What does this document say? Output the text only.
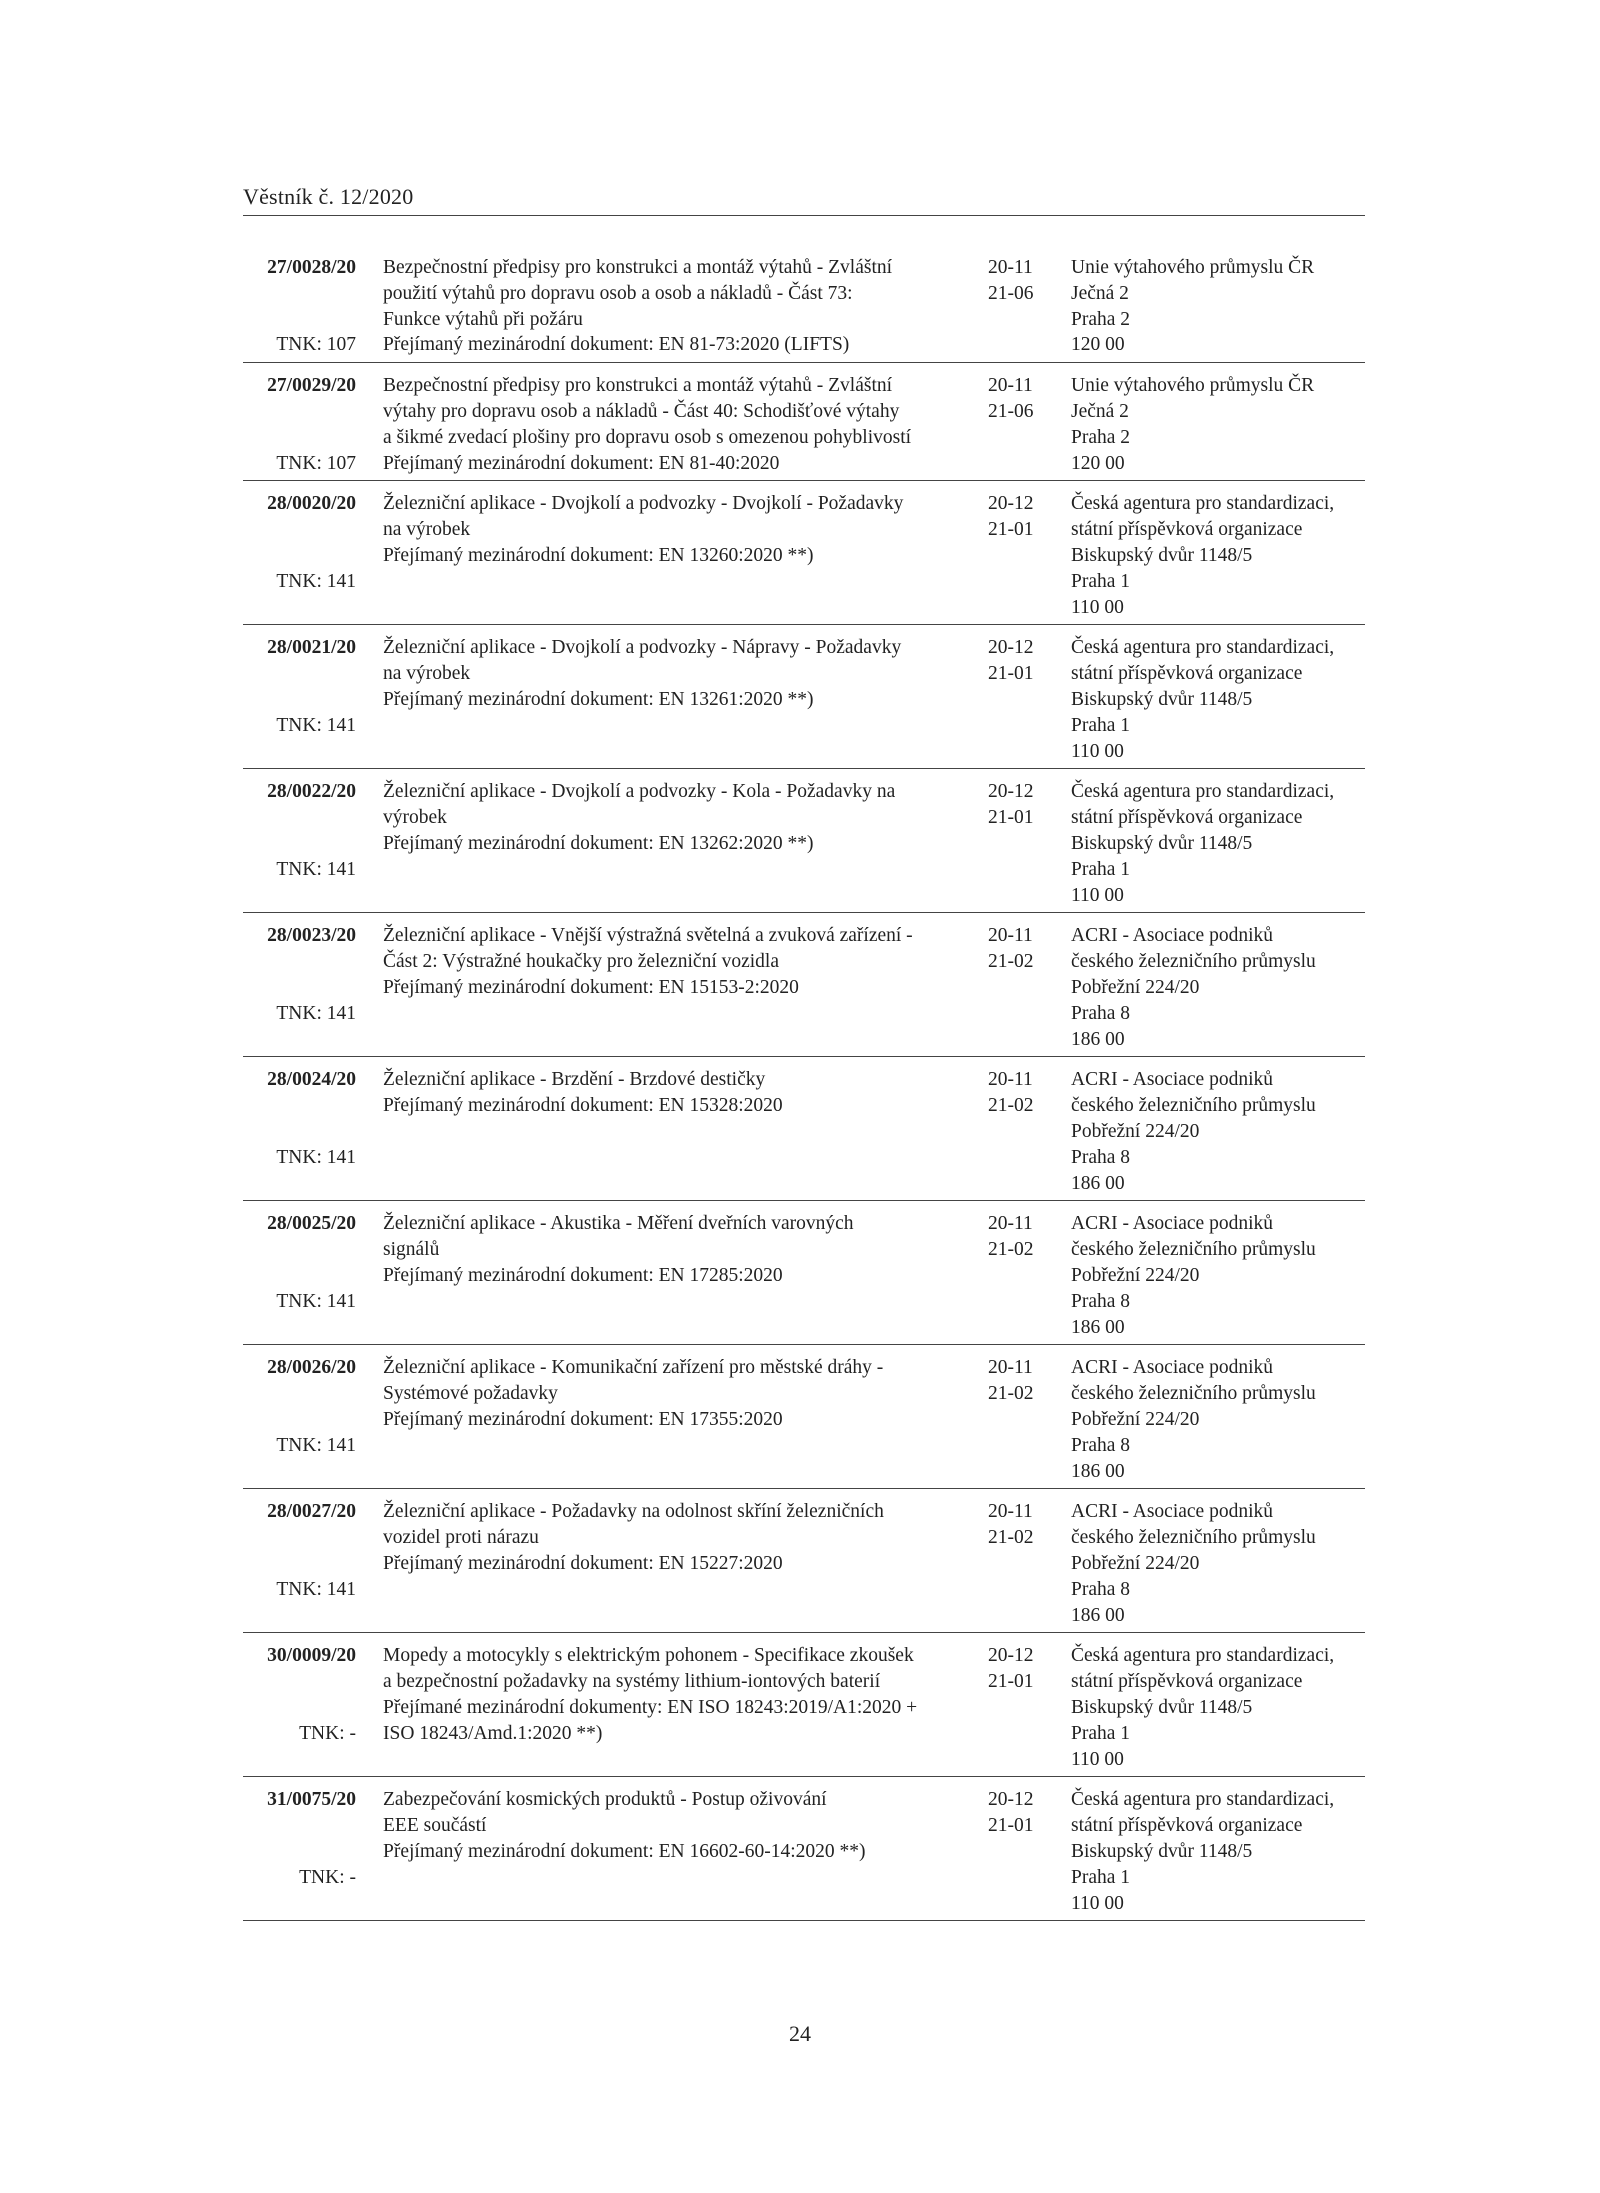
Věstník č. 12/2020
27/0028/20
TNK: 107
Bezpečnostní předpisy pro konstrukci a montáž výtahů - Zvláštní
použití výtahů pro dopravu osob a osob a nákladů - Část 73:
Funkce výtahů při požáru
Přejímaný mezinárodní dokument: EN 81-73:2020 (LIFTS)
20-11
21-06
Unie výtahového průmyslu ČR
Ječná 2
Praha 2
120 00
27/0029/20
TNK: 107
Bezpečnostní předpisy pro konstrukci a montáž výtahů - Zvláštní
výtahy pro dopravu osob a nákladů - Část 40: Schodišťové výtahy
a šikmé zvedací plošiny pro dopravu osob s omezenou pohyblivostí
Přejímaný mezinárodní dokument: EN 81-40:2020
20-11
21-06
Unie výtahového průmyslu ČR
Ječná 2
Praha 2
120 00
28/0020/20
TNK: 141
Železniční aplikace - Dvojkolí a podvozky - Dvojkolí - Požadavky
na výrobek
Přejímaný mezinárodní dokument: EN 13260:2020 **)
20-12
21-01
Česká agentura pro standardizaci,
státní příspěvková organizace
Biskupský dvůr 1148/5
Praha 1
110 00
28/0021/20
TNK: 141
Železniční aplikace - Dvojkolí a podvozky - Nápravy - Požadavky
na výrobek
Přejímaný mezinárodní dokument: EN 13261:2020 **)
20-12
21-01
Česká agentura pro standardizaci,
státní příspěvková organizace
Biskupský dvůr 1148/5
Praha 1
110 00
28/0022/20
TNK: 141
Železniční aplikace - Dvojkolí a podvozky - Kola - Požadavky na
výrobek
Přejímaný mezinárodní dokument: EN 13262:2020 **)
20-12
21-01
Česká agentura pro standardizaci,
státní příspěvková organizace
Biskupský dvůr 1148/5
Praha 1
110 00
28/0023/20
TNK: 141
Železniční aplikace - Vnější výstražná světelná a zvuková zařízení -
Část 2: Výstražné houkačky pro železniční vozidla
Přejímaný mezinárodní dokument: EN 15153-2:2020
20-11
21-02
ACRI - Asociace podniků
českého železničního průmyslu
Pobřežní 224/20
Praha 8
186 00
28/0024/20
TNK: 141
Železniční aplikace - Brzdění - Brzdové destičky
Přejímaný mezinárodní dokument: EN 15328:2020
20-11
21-02
ACRI - Asociace podniků
českého železničního průmyslu
Pobřežní 224/20
Praha 8
186 00
28/0025/20
TNK: 141
Železniční aplikace - Akustika - Měření dveřních varovných
signálů
Přejímaný mezinárodní dokument: EN 17285:2020
20-11
21-02
ACRI - Asociace podniků
českého železničního průmyslu
Pobřežní 224/20
Praha 8
186 00
28/0026/20
TNK: 141
Železniční aplikace - Komunikační zařízení pro městské dráhy -
Systémové požadavky
Přejímaný mezinárodní dokument: EN 17355:2020
20-11
21-02
ACRI - Asociace podniků
českého železničního průmyslu
Pobřežní 224/20
Praha 8
186 00
28/0027/20
TNK: 141
Železniční aplikace - Požadavky na odolnost skříní železničních
vozidel proti nárazu
Přejímaný mezinárodní dokument: EN 15227:2020
20-11
21-02
ACRI - Asociace podniků
českého železničního průmyslu
Pobřežní 224/20
Praha 8
186 00
30/0009/20
TNK: -
Mopedy a motocykly s elektrickým pohonem - Specifikace zkoušek
a bezpečnostní požadavky na systémy lithium-iontových baterií
Přejímané mezinárodní dokumenty: EN ISO 18243:2019/A1:2020 +
ISO 18243/Amd.1:2020 **)
20-12
21-01
Česká agentura pro standardizaci,
státní příspěvková organizace
Biskupský dvůr 1148/5
Praha 1
110 00
31/0075/20
TNK: -
Zabezpečování kosmických produktů - Postup oživování
EEE součástí
Přejímaný mezinárodní dokument: EN 16602-60-14:2020 **)
20-12
21-01
Česká agentura pro standardizaci,
státní příspěvková organizace
Biskupský dvůr 1148/5
Praha 1
110 00
24
